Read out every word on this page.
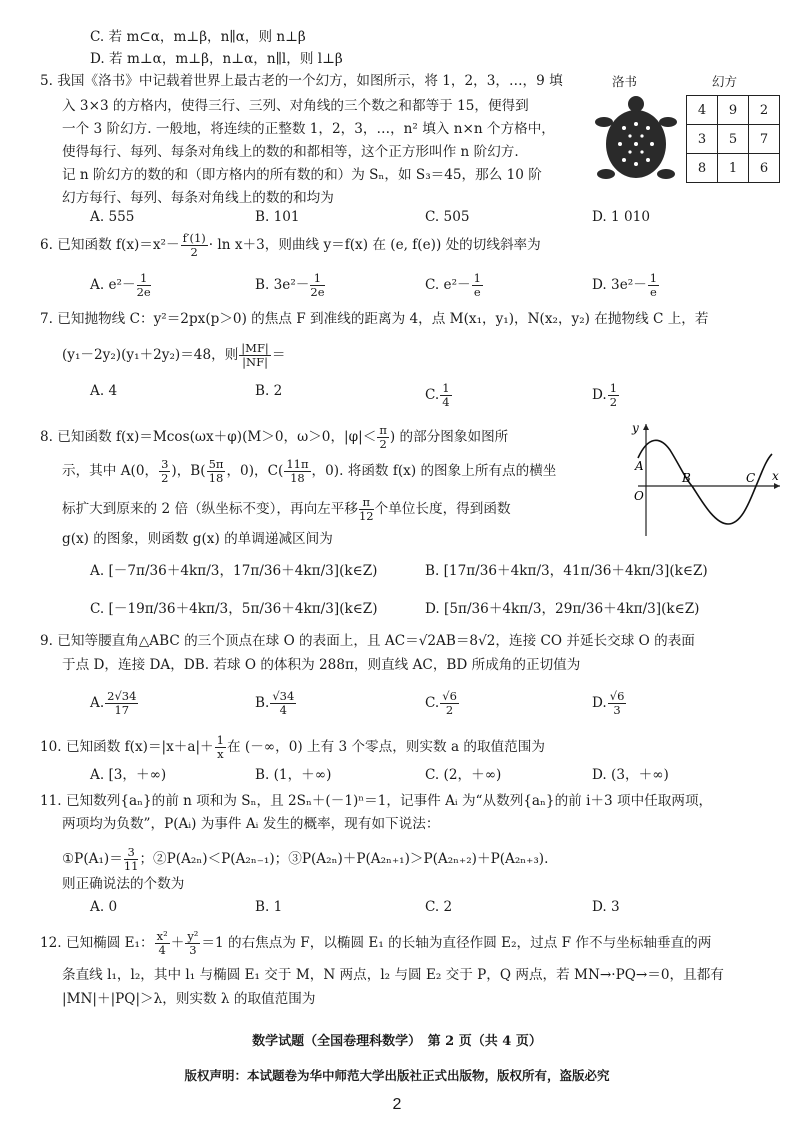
C. 若 m⊂α，m⊥β，n∥α，则 n⊥β
D. 若 m⊥α，m⊥β，n⊥α，n∥l，则 l⊥β
5. 我国《洛书》中记载着世界上最古老的一个幻方，如图所示，将 1，2，3，…，9 填
入 3×3 的方格内，使得三行、三列、对角线的三个数之和都等于 15，便得到
一个 3 阶幻方. 一般地，将连续的正整数 1，2，3，…，n² 填入 n×n 个方格中，
使得每行、每列、每条对角线上的数的和都相等，这个正方形叫作 n 阶幻方.
记 n 阶幻方的数的和（即方格内的所有数的和）为 Sₙ，如 S₃＝45，那么 10 阶
幻方每行、每列、每条对角线上的数的和均为
洛书	幻方
4	9	2
3	5	7
8	1	6
A. 555	B. 101	C. 505	D. 1 010
6. 已知函数 $f(x)=x^2- \frac{f'(1)}{2} \cdot \ln x+3$，则曲线 y＝f(x) 在 (e, f(e)) 处的切线斜率为
A. $e^2- \frac{1}{2e}$	B. $3e^2- \frac{1}{2e}$	C. $e^2- \frac{1}{e}$	D. $3e^2- \frac{1}{e}$
7. 已知抛物线 C：y²＝2px(p＞0) 的焦点 F 到准线的距离为 4，点 M(x₁，y₁)，N(x₂，y₂) 在抛物线 C 上，若
(y₁－2y₂)(y₁＋2y₂)＝48，则 $\frac{|MF|}{|NF|}$ ＝
A. 4	B. 2	C. $\frac{1}{4}$	D. $\frac{1}{2}$
8. 已知函数 f(x)＝Mcos(ωx＋φ)(M＞0，ω＞0，$|\varphi|< \frac{\pi}{2}$ ) 的部分图象如图所
示，其中 A(0， $\frac{3}{2}$ )，$B( \frac{5\pi}{18}$ ，0)，$C( \frac{11\pi}{18}$ ，0). 将函数 f(x) 的图象上所有点的横坐
标扩大到原来的 2 倍（纵坐标不变），再向左平移 $\frac{\pi}{12}$ 个单位长度，得到函数
g(x) 的图象，则函数 g(x) 的单调递减区间为
y
x
O
A
B	C
A. [－7π/36＋4kπ/3，17π/36＋4kπ/3](k∈Z)	B. [17π/36＋4kπ/3，41π/36＋4kπ/3](k∈Z)
C. [－19π/36＋4kπ/3，5π/36＋4kπ/3](k∈Z)	D. [5π/36＋4kπ/3，29π/36＋4kπ/3](k∈Z)
9. 已知等腰直角△ABC 的三个顶点在球 O 的表面上，且 AC＝√2AB＝8√2，连接 CO 并延长交球 O 的表面
于点 D，连接 DA，DB. 若球 O 的体积为 288π，则直线 AC，BD 所成角的正切值为
A. $\frac{2√34}{17}$	B. $\frac{√34}{4}$	C. $\frac{√6}{2}$	D. $\frac{√6}{3}$
10. 已知函数 $f(x)=|x+a|+ \frac{1}{x}$ 在 (－∞，0) 上有 3 个零点，则实数 a 的取值范围为
A. [3，＋∞)	B. (1，＋∞)	C. (2，＋∞)	D. (3，＋∞)
11. 已知数列{aₙ}的前 n 项和为 Sₙ，且 2Sₙ＋(－1)ⁿ＝1，记事件 Aᵢ 为“从数列{aₙ}的前 i＋3 项中任取两项，
两项均为负数”，P(Aᵢ) 为事件 Aᵢ 发生的概率，现有如下说法：
①P(A₁)＝ $\frac{3}{11}$ ；②P(A₂ₙ)＜P(A₂ₙ₋₁)；③P(A₂ₙ)＋P(A₂ₙ₊₁)＞P(A₂ₙ₊₂)＋P(A₂ₙ₊₃).
则正确说法的个数为
A. 0	B. 1	C. 2	D. 3
12. 已知椭圆 E₁： $\frac{\text{x²}}{4} + \frac{\text{y²}}{3} =1$ 的右焦点为 F，以椭圆 E₁ 的长轴为直径作圆 E₂，过点 F 作不与坐标轴垂直的两
条直线 l₁，l₂，其中 l₁ 与椭圆 E₁ 交于 M，N 两点，l₂ 与圆 E₂ 交于 P，Q 两点，若 MN→·PQ→＝0，且都有
|MN|＋|PQ|＞λ，则实数 λ 的取值范围为
数学试题（全国卷理科数学）　第 2 页（共 4 页）
版权声明：本试题卷为华中师范大学出版社正式出版物，版权所有，盗版必究
2
